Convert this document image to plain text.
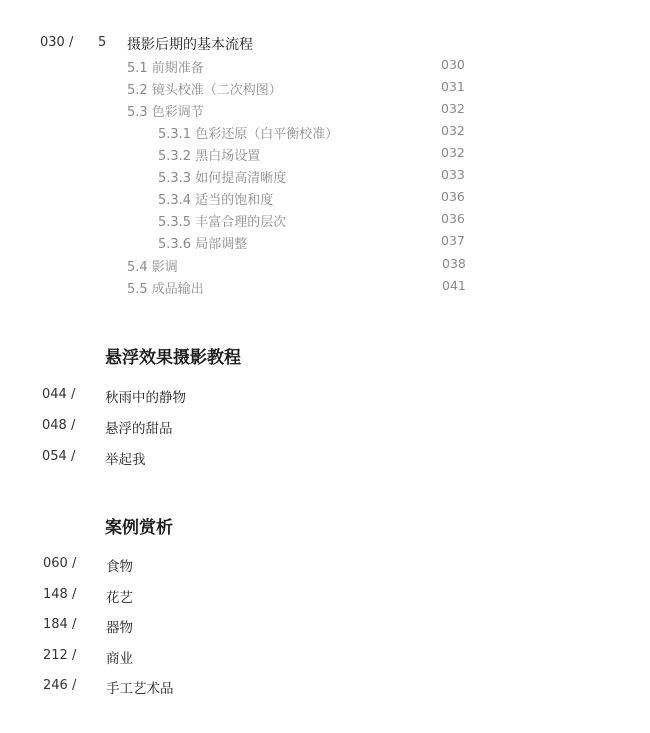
030 / 5 摄影后期的基本流程
5.1 前期准备	030
5.2 镜头校准（二次构图）	031
5.3 色彩调节	032
5.3.1 色彩还原（白平衡校准）	032
5.3.2 黑白场设置	032
5.3.3 如何提高清晰度	033
5.3.4 适当的饱和度	036
5.3.5 丰富合理的层次	036
5.3.6 局部调整	037
5.4 影调	038
5.5 成品输出	041
悬浮效果摄影教程
044 / 秋雨中的静物
048 / 悬浮的甜品
054 / 举起我
案例赏析
060 / 食物
148 / 花艺
184 / 器物
212 / 商业
246 / 手工艺术品
